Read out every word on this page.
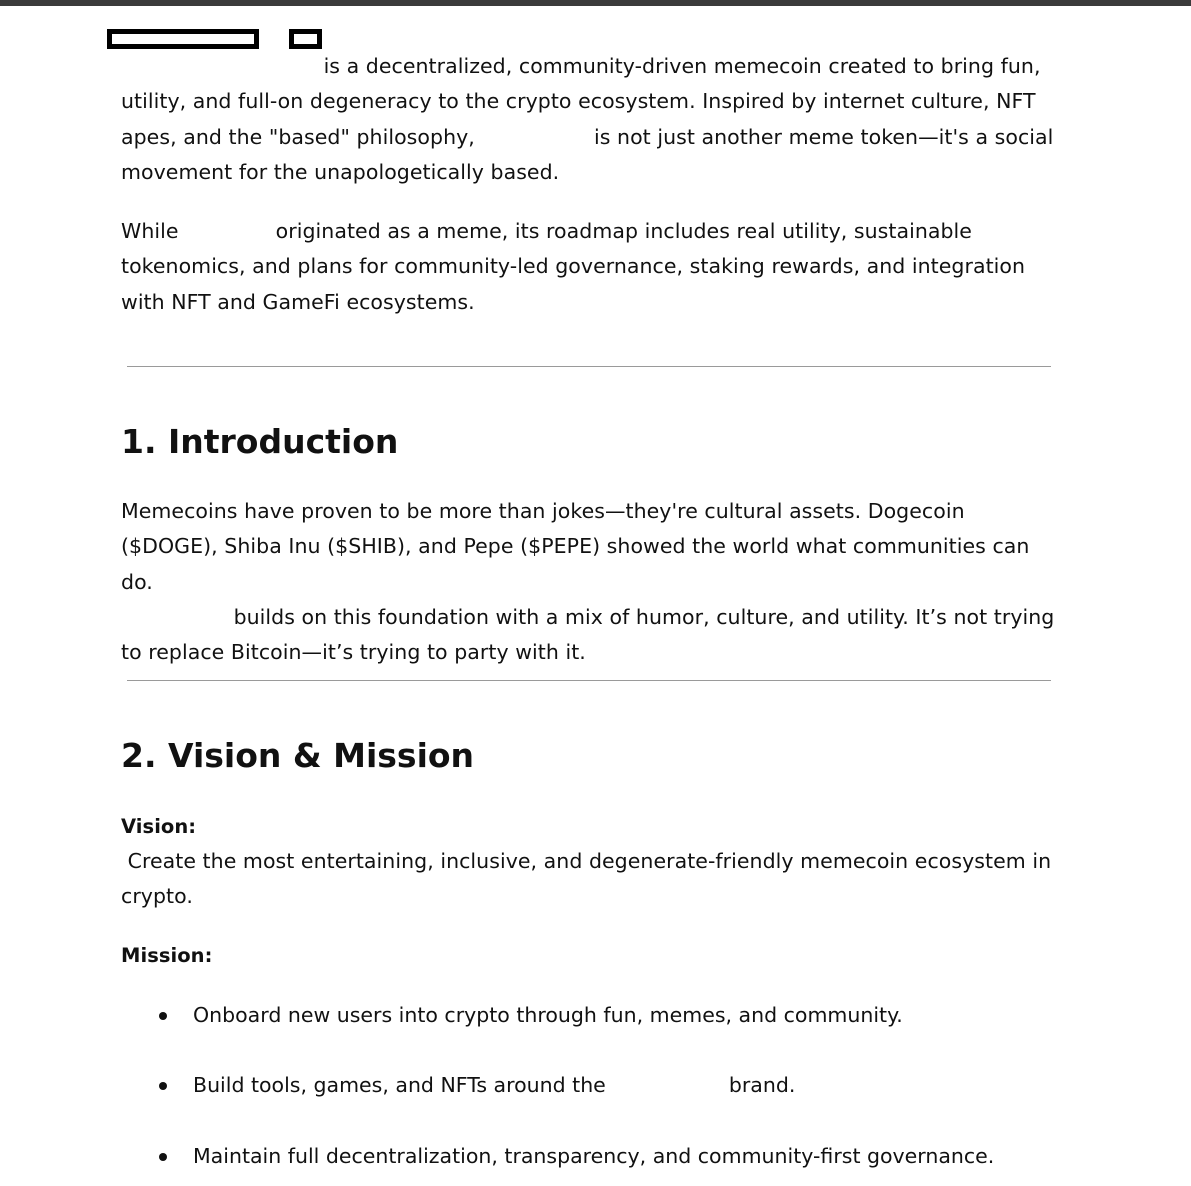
is a decentralized, community-driven memecoin created to bring fun, utility, and full-on degeneracy to the crypto ecosystem. Inspired by internet culture, NFT apes, and the "based" philosophy,	is not just another meme token—it's a social movement for the unapologetically based.

While	originated as a meme, its roadmap includes real utility, sustainable tokenomics, and plans for community-led governance, staking rewards, and integration with NFT and GameFi ecosystems.

1. Introduction

Memecoins have proven to be more than jokes—they're cultural assets. Dogecoin ($DOGE), Shiba Inu ($SHIB), and Pepe ($PEPE) showed the world what communities can do.
builds on this foundation with a mix of humor, culture, and utility. It’s not trying to replace Bitcoin—it’s trying to party with it.

2. Vision & Mission

Vision:

Create the most entertaining, inclusive, and degenerate-friendly memecoin ecosystem in crypto.

Mission:

Onboard new users into crypto through fun, memes, and community.
Build tools, games, and NFTs around the	brand.
Maintain full decentralization, transparency, and community-first governance.
